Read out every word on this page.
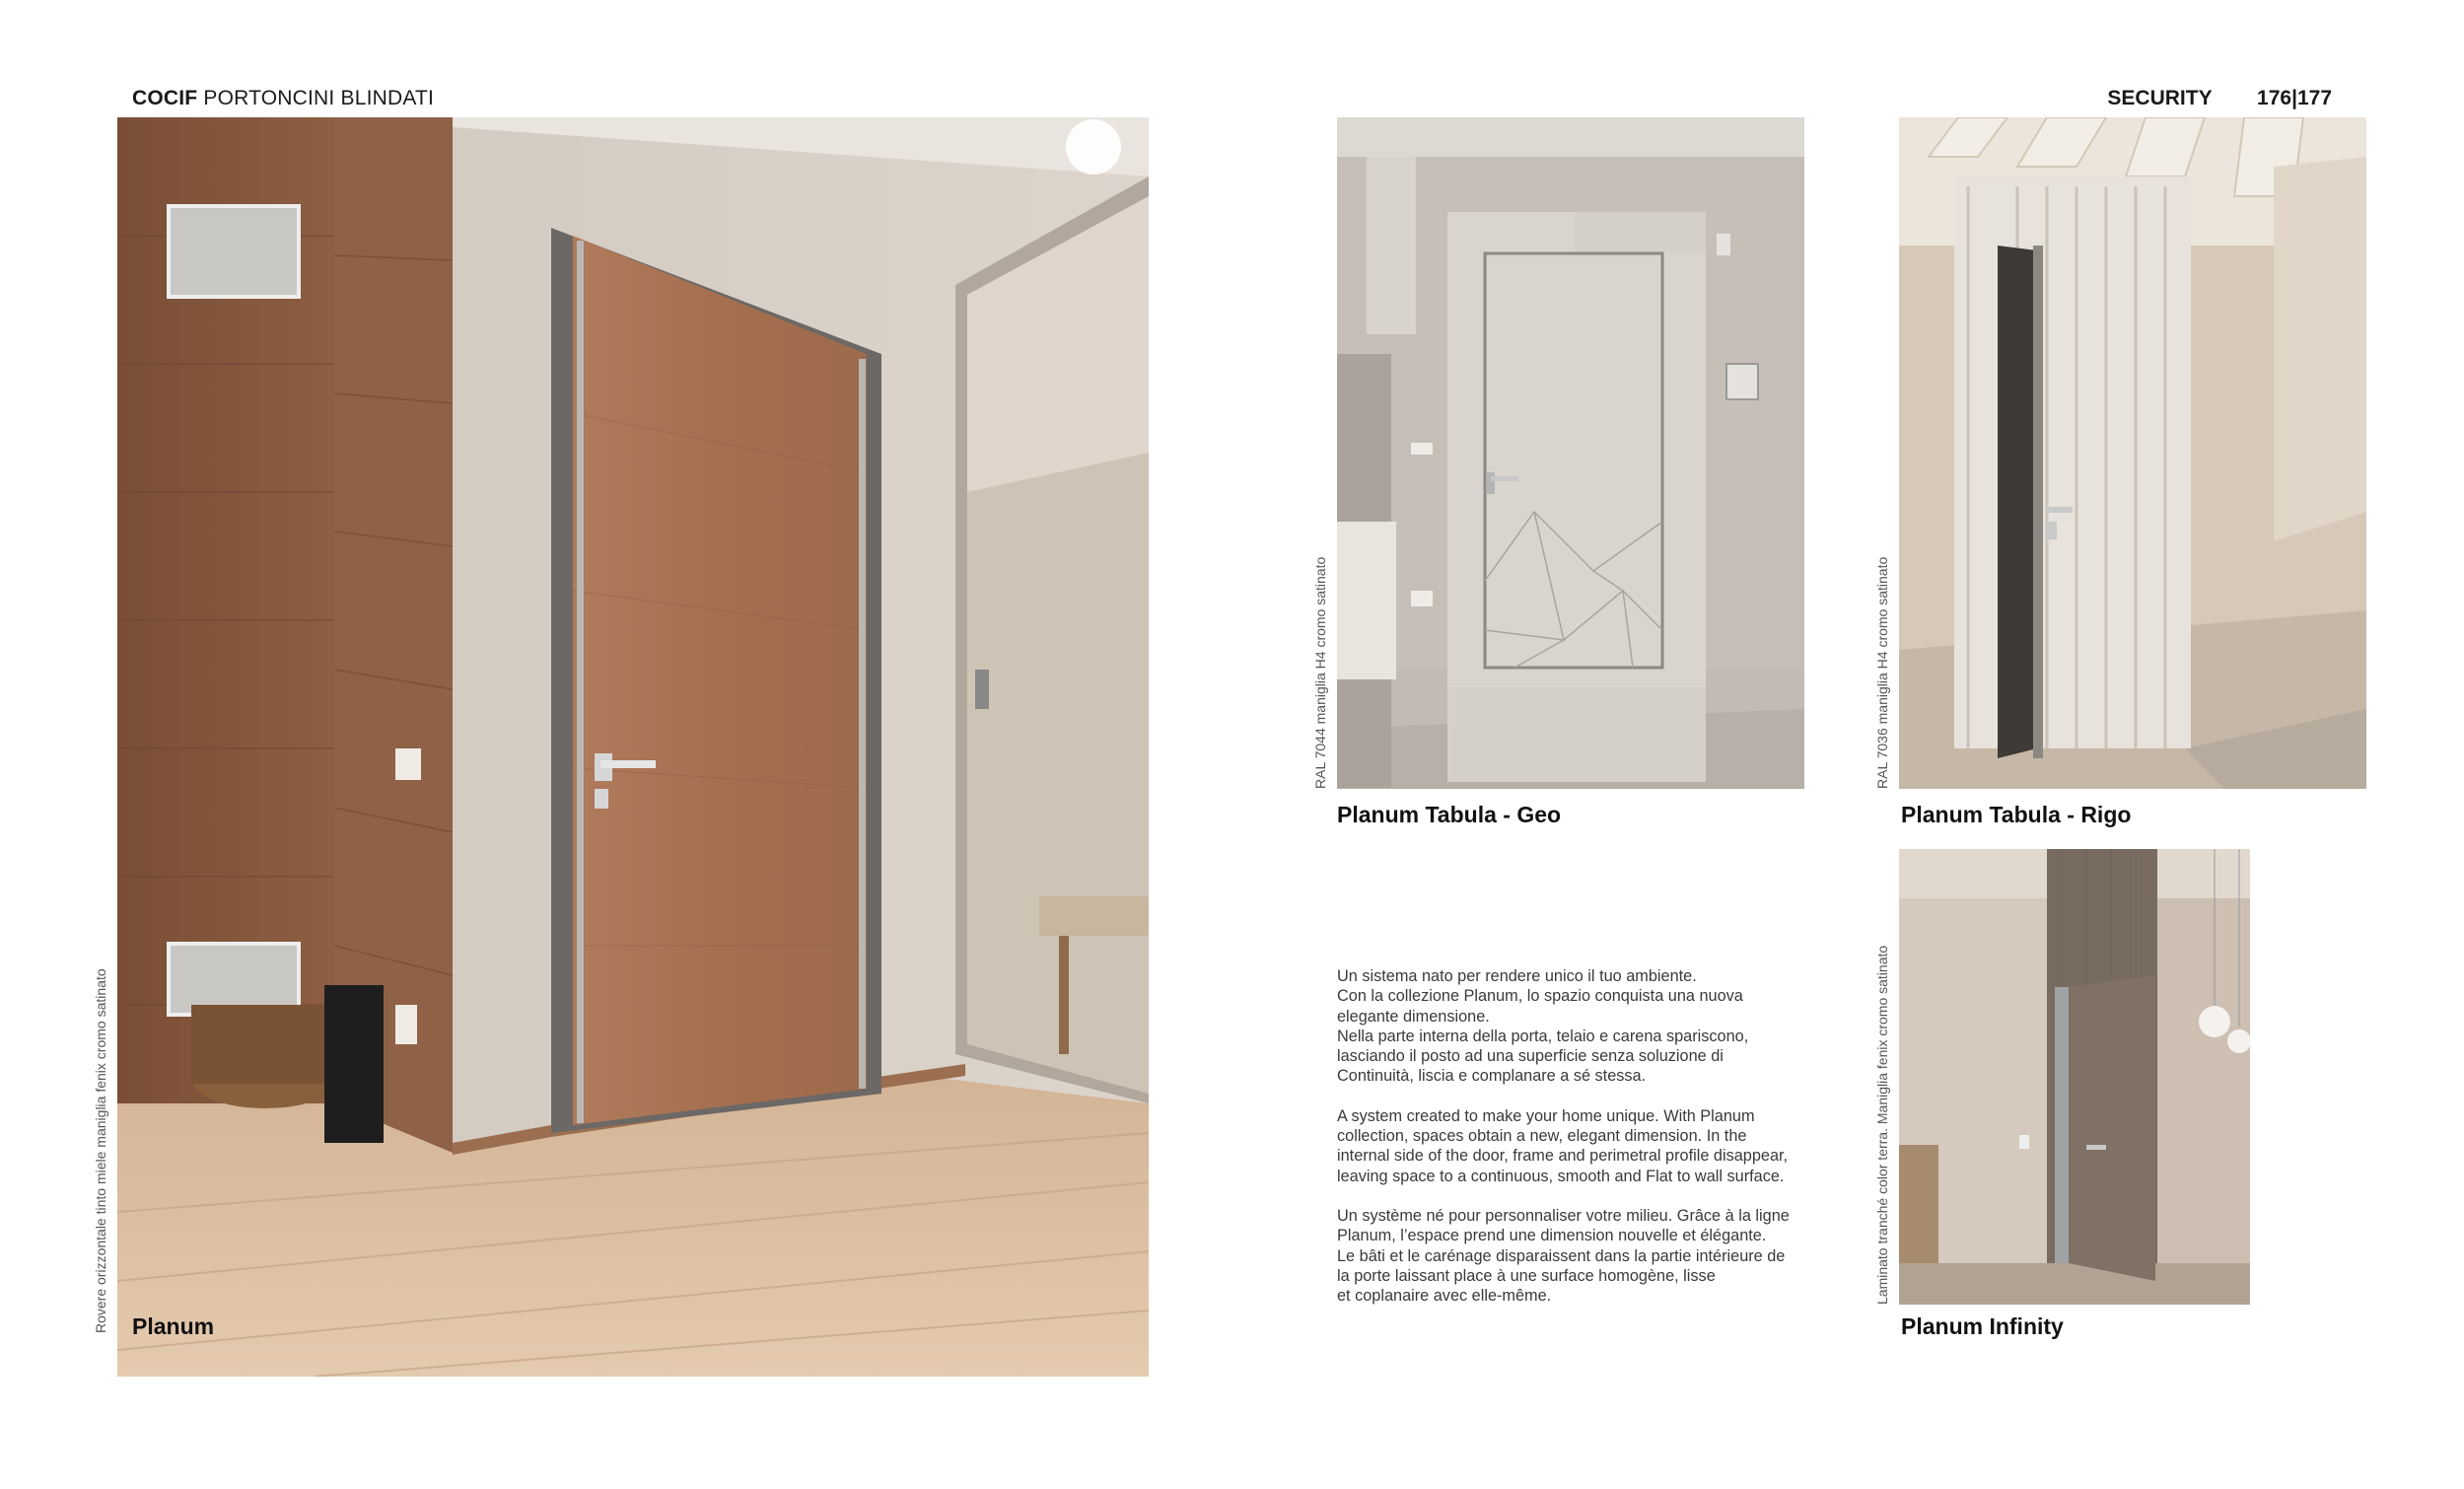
COCIF PORTONCINI BLINDATI	SECURITY 176|177
Planum
Rovere orizzontale tinto miele maniglia fenix cromo satinato
Planum Tabula - Geo
RAL 7044 maniglia H4 cromo satinato
Planum Tabula - Rigo
RAL 7036 maniglia H4 cromo satinato
Planum Infinity
Laminato tranché color terra. Maniglia fenix cromo satinato

Un sistema nato per rendere unico il tuo ambiente.
Con la collezione Planum, lo spazio conquista una nuova
elegante dimensione.
Nella parte interna della porta, telaio e carena spariscono,
lasciando il posto ad una superficie senza soluzione di
Continuità, liscia e complanare a sé stessa.

A system created to make your home unique. With Planum
collection, spaces obtain a new, elegant dimension. In the
internal side of the door, frame and perimetral profile disappear,
leaving space to a continuous, smooth and Flat to wall surface.

Un système né pour personnaliser votre milieu. Grâce à la ligne
Planum, l’espace prend une dimension nouvelle et élégante.
Le bâti et le carénage disparaissent dans la partie intérieure de
la porte laissant place à une surface homogène, lisse
et coplanaire avec elle-même.
